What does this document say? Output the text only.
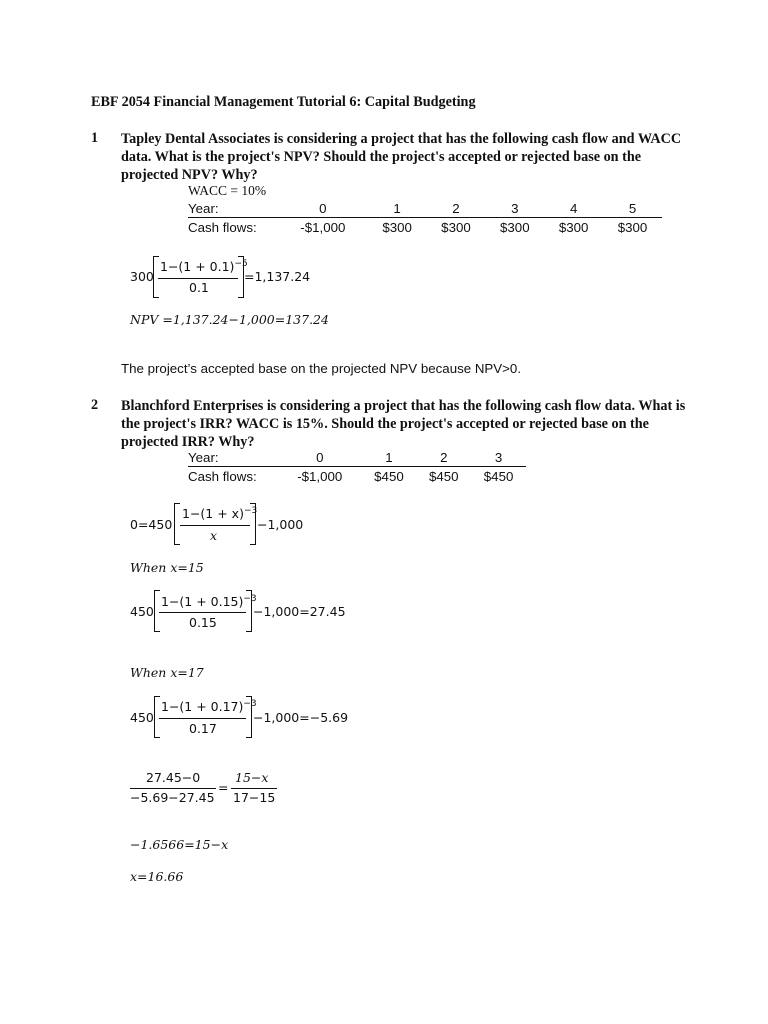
EBF 2054 Financial Management Tutorial 6: Capital Budgeting
1 Tapley Dental Associates is considering a project that has the following cash flow and WACC data. What is the project's NPV? Should the project's accepted or rejected base on the projected NPV? Why?
WACC = 10%
Year:	0	1	2	3	4	5
Cash flows:	-$1,000	$300	$300	$300	$300	$300
300
$1-(1 + 0.1)^{-5}$
0.1
=1,137.24
NPV =1,137.24−1,000=137.24
The project’s accepted base on the projected NPV because NPV>0.
2 Blanchford Enterprises is considering a project that has the following cash flow data. What is the project's IRR? WACC is 15%. Should the project's accepted or rejected base on the projected IRR? Why?
Year:	0	1	2	3
Cash flows:	-$1,000	$450	$450	$450
0=450
$1-(1 + x)^{-3}$
x
−1,000
When x=15
450
$1-(1 + 0.15)^{-3}$
0.15
−1,000=27.45
When x=17
450
$1-(1 + 0.17)^{-3}$
0.17
−1,000=−5.69
27.45−0
−5.69−27.45
=
15−x
17−15
−1.6566=15−x
x=16.66
